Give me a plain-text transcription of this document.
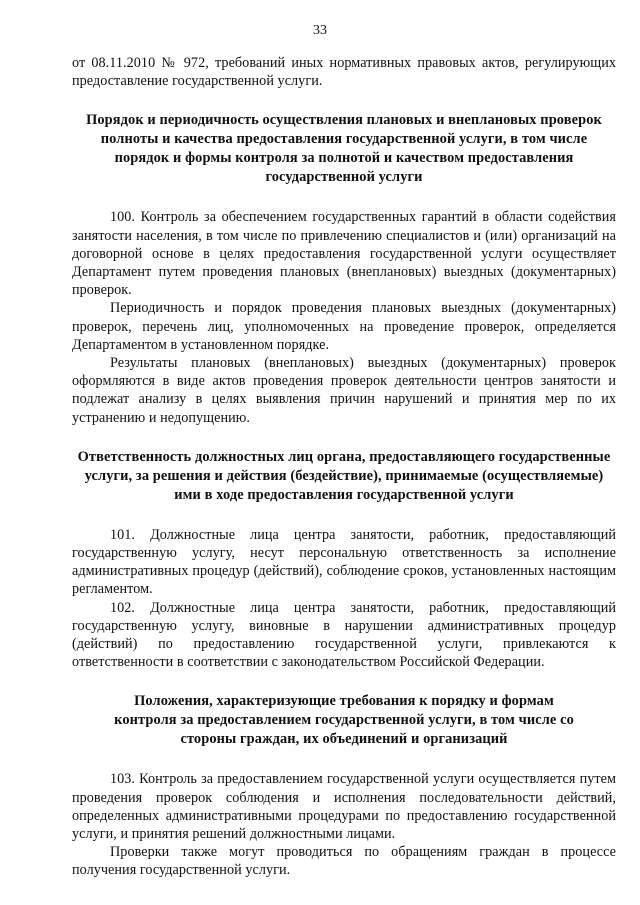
33

от 08.11.2010 № 972, требований иных нормативных правовых актов, регулирующих предоставление государственной услуги.

Порядок и периодичность осуществления плановых и внеплановых проверок полноты и качества предоставления государственной услуги, в том числе порядок и формы контроля за полнотой и качеством предоставления государственной услуги

100. Контроль за обеспечением государственных гарантий в области содействия занятости населения, в том числе по привлечению специалистов и (или) организаций на договорной основе в целях предоставления государственной услуги осуществляет Департамент путем проведения плановых (внеплановых) выездных (документарных) проверок.

Периодичность и порядок проведения плановых выездных (документарных) проверок, перечень лиц, уполномоченных на проведение проверок, определяется Департаментом в установленном порядке.

Результаты плановых (внеплановых) выездных (документарных) проверок оформляются в виде актов проведения проверок деятельности центров занятости и подлежат анализу в целях выявления причин нарушений и принятия мер по их устранению и недопущению.

Ответственность должностных лиц органа, предоставляющего государственные услуги, за решения и действия (бездействие), принимаемые (осуществляемые) ими в ходе предоставления государственной услуги

101. Должностные лица центра занятости, работник, предоставляющий государственную услугу, несут персональную ответственность за исполнение административных процедур (действий), соблюдение сроков, установленных настоящим регламентом.

102. Должностные лица центра занятости, работник, предоставляющий государственную услугу, виновные в нарушении административных процедур (действий) по предоставлению государственной услуги, привлекаются к ответственности в соответствии с законодательством Российской Федерации.

Положения, характеризующие требования к порядку и формам контроля за предоставлением государственной услуги, в том числе со стороны граждан, их объединений и организаций

103. Контроль за предоставлением государственной услуги осуществляется путем проведения проверок соблюдения и исполнения последовательности действий, определенных административными процедурами по предоставлению государственной услуги, и принятия решений должностными лицами.

Проверки также могут проводиться по обращениям граждан в процессе получения государственной услуги.
